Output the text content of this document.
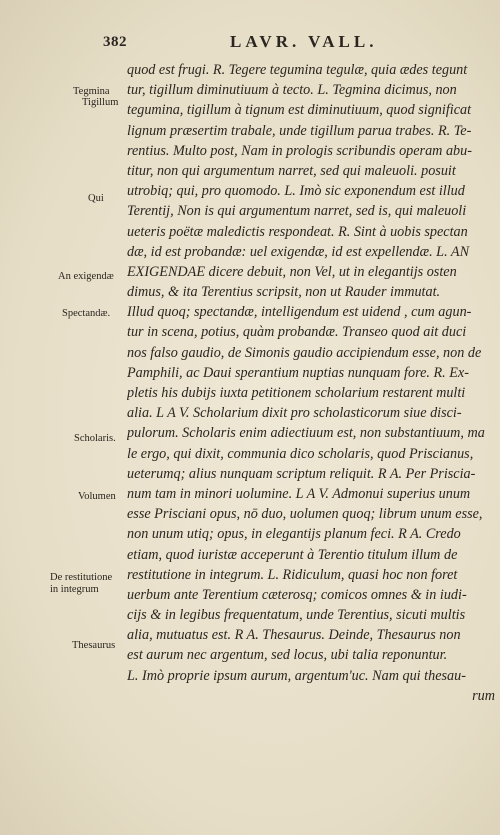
382	LAVR. VALL.
Tegmina
Tigillum
Qui
An exigendæ
Spectandæ.
Scholaris.
Volumen
De restitutione
in integrum
Thesaurus
quod est frugi. R. Tegere tegumina tegulæ, quia ædes tegunt
tur, tigillum diminutiuum à tecto. L. Tegmina dicimus, non
tegumina, tigillum à tignum est diminutiuum, quod significat
lignum præsertim trabale, unde tigillum parua trabes. R. Te-
rentius. Multo post, Nam in prologis scribundis operam abu-
titur, non qui argumentum narret, sed qui maleuoli. posuit
utrobiq; qui, pro quomodo. L. Imò sic exponendum est illud
Terentij, Non is qui argumentum narret, sed is, qui maleuoli
ueteris poëtæ maledictis respondeat. R. Sint à uobis spectan
dæ, id est probandæ: uel exigendæ, id est expellendæ. L. AN
EXIGENDAE dicere debuit, non Vel, ut in elegantijs osten
dimus, & ita Terentius scripsit, non ut Rauder immutat.
Illud quoq; spectandæ, intelligendum est uidend , cum agun-
tur in scena, potius, quàm probandæ. Transeo quod ait duci
nos falso gaudio, de Simonis gaudio accipiendum esse, non de
Pamphili, ac Daui sperantium nuptias nunquam fore. R. Ex-
pletis his dubijs iuxta petitionem scholarium restarent multi
alia. L A V. Scholarium dixit pro scholasticorum siue disci-
pulorum. Scholaris enim adiectiuum est, non substantiuum, ma
le ergo, qui dixit, communia dico scholaris, quod Priscianus,
ueterumq; alius nunquam scriptum reliquit. R A. Per Priscia-
num tam in minori uolumine. L A V. Admonui superius unum
esse Prisciani opus, nō duo, uolumen quoq; librum unum esse,
non unum utiq; opus, in elegantijs planum feci. R A. Credo
etiam, quod iuristæ acceperunt à Terentio titulum illum de
restitutione in integrum. L. Ridiculum, quasi hoc non foret
uerbum ante Terentium cæterosq; comicos omnes & in iudi-
cijs & in legibus frequentatum, unde Terentius, sicuti multis
alia, mutuatus est. R A. Thesaurus. Deinde, Thesaurus non
est aurum nec argentum, sed locus, ubi talia reponuntur.
L. Imò proprie ipsum aurum, argentum'uc. Nam qui thesau-
rum
